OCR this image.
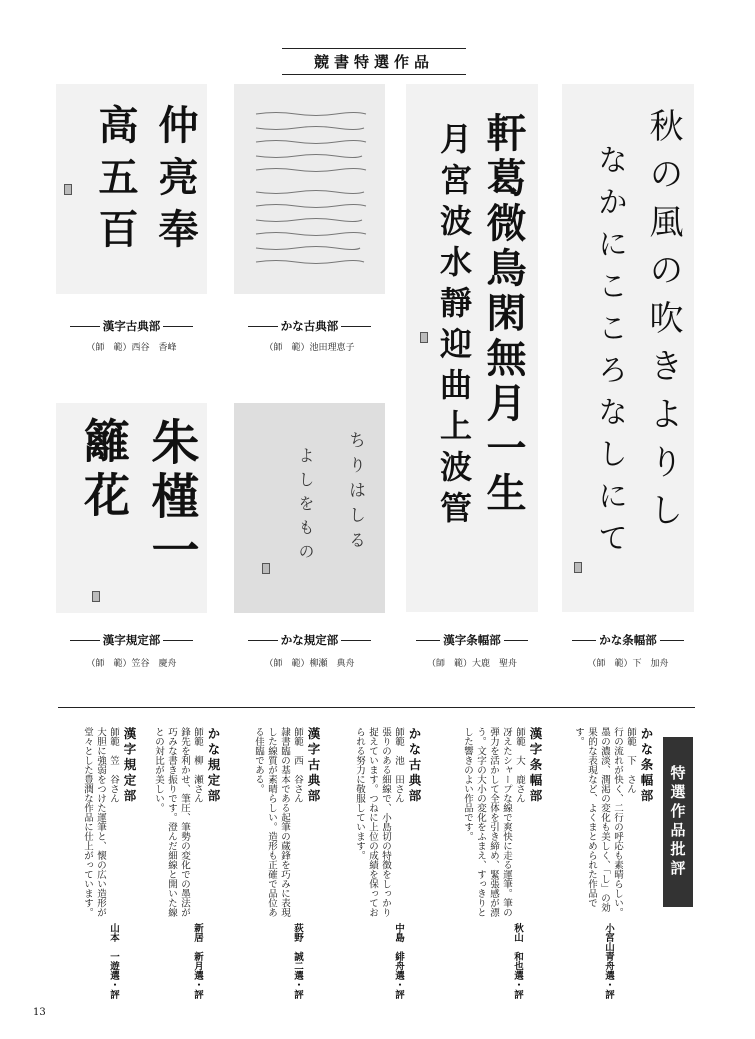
競書特選作品
仲亮奉
高五百	軒葛微鳥閑無月一生
月宮波水靜迎曲上波管	秋の風の吹きよりし
なかにこころなしにて
朱槿一
籬花	ちりはしる
よしをもの
漢字古典部
（師　範）西谷　香峰
かな古典部
（師　範）池田理恵子
漢字規定部
（師　範）笠谷　慶舟
かな規定部
（師　範）柳瀬　典舟
漢字条幅部
（師　範）大鹿　聖舟
かな条幅部
（師　範）下　加舟
特選作品批評
かな条幅部
師範　下　さん
行の流れが快く、二行の呼応も素晴らしい。墨の濃淡、潤渇の変化も美しく、「し」の効果的な表現など、よくまとめられた作品です。
小宮山青舟選・評
漢字条幅部
師範　大　鹿さん
冴えたシャープな線で爽快に走る運筆。筆の弾力を活かして全体を引き締め、緊張感が漂う。文字の大小の変化をふまえ、すっきりとした響きのよい作品です。
秋山　和也選・評
かな古典部
師範　池　田さん
張りのある細線で、小島切の特徴をしっかり捉えています。つねに上位の成績を保っておられる努力に敬服しています。
中島　緋舟選・評
漢字古典部
師範　西　谷さん
隷書臨の基本である起筆の蔵鋒を巧みに表現した線質が素晴らしい。造形も正確で品位ある佳臨である。
荻野　誠二選・評
かな規定部
師範　柳　瀬さん
鋒先を利かせ、筆圧、筆勢の変化での墨法が巧みな書き振りです。澄んだ細線と開いた線との対比が美しい。
新居　新月選・評
漢字規定部
師範　笠　谷さん
大胆に強弱をつけた運筆と、懐の広い造形が堂々とした豊潤な作品に仕上がっています。
山本　一遊選・評
13
